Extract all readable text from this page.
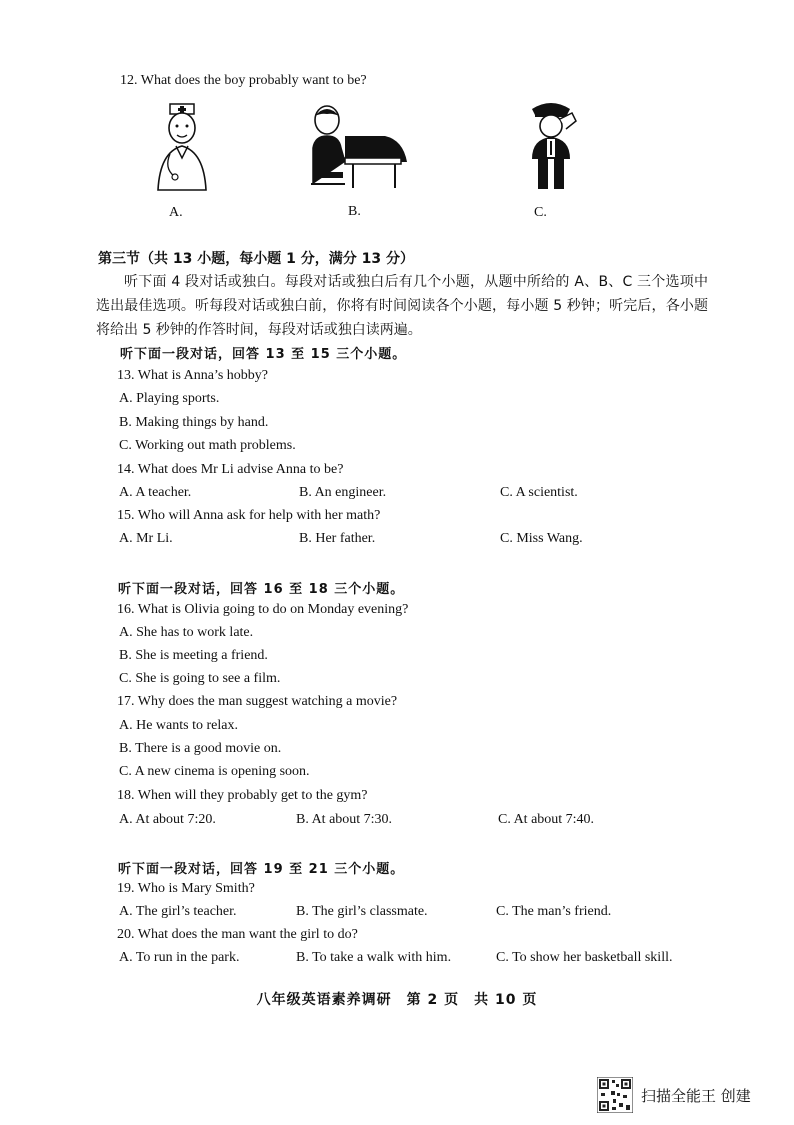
12. What does the boy probably want to be?
A.	B.	C.
第三节（共 13 小题，每小题 1 分，满分 13 分）

听下面 4 段对话或独白。每段对话或独白后有几个小题，从题中所给的 A、B、C 三个选项中选出最佳选项。听每段对话或独白前，你将有时间阅读各个小题，每小题 5 秒钟；听完后，各小题将给出 5 秒钟的作答时间，每段对话或独白读两遍。

听下面一段对话，回答 13 至 15 三个小题。
13. What is Anna’s hobby?
A. Playing sports.
B. Making things by hand.
C. Working out math problems.
14. What does Mr Li advise Anna to be?
A. A teacher.	B. An engineer.	C. A scientist.
15. Who will Anna ask for help with her math?
A. Mr Li.	B. Her father.	C. Miss Wang.
听下面一段对话，回答 16 至 18 三个小题。
16. What is Olivia going to do on Monday evening?
A. She has to work late.
B. She is meeting a friend.
C. She is going to see a film.
17. Why does the man suggest watching a movie?
A. He wants to relax.
B. There is a good movie on.
C. A new cinema is opening soon.
18. When will they probably get to the gym?
A. At about 7:20.	B. At about 7:30.	C. At about 7:40.
听下面一段对话，回答 19 至 21 三个小题。
19. Who is Mary Smith?
A. The girl’s teacher.	B. The girl’s classmate.	C. The man’s friend.
20. What does the man want the girl to do?
A. To run in the park.	B. To take a walk with him.	C. To show her basketball skill.
八年级英语素养调研　第 2 页　共 10 页
扫描全能王 创建
